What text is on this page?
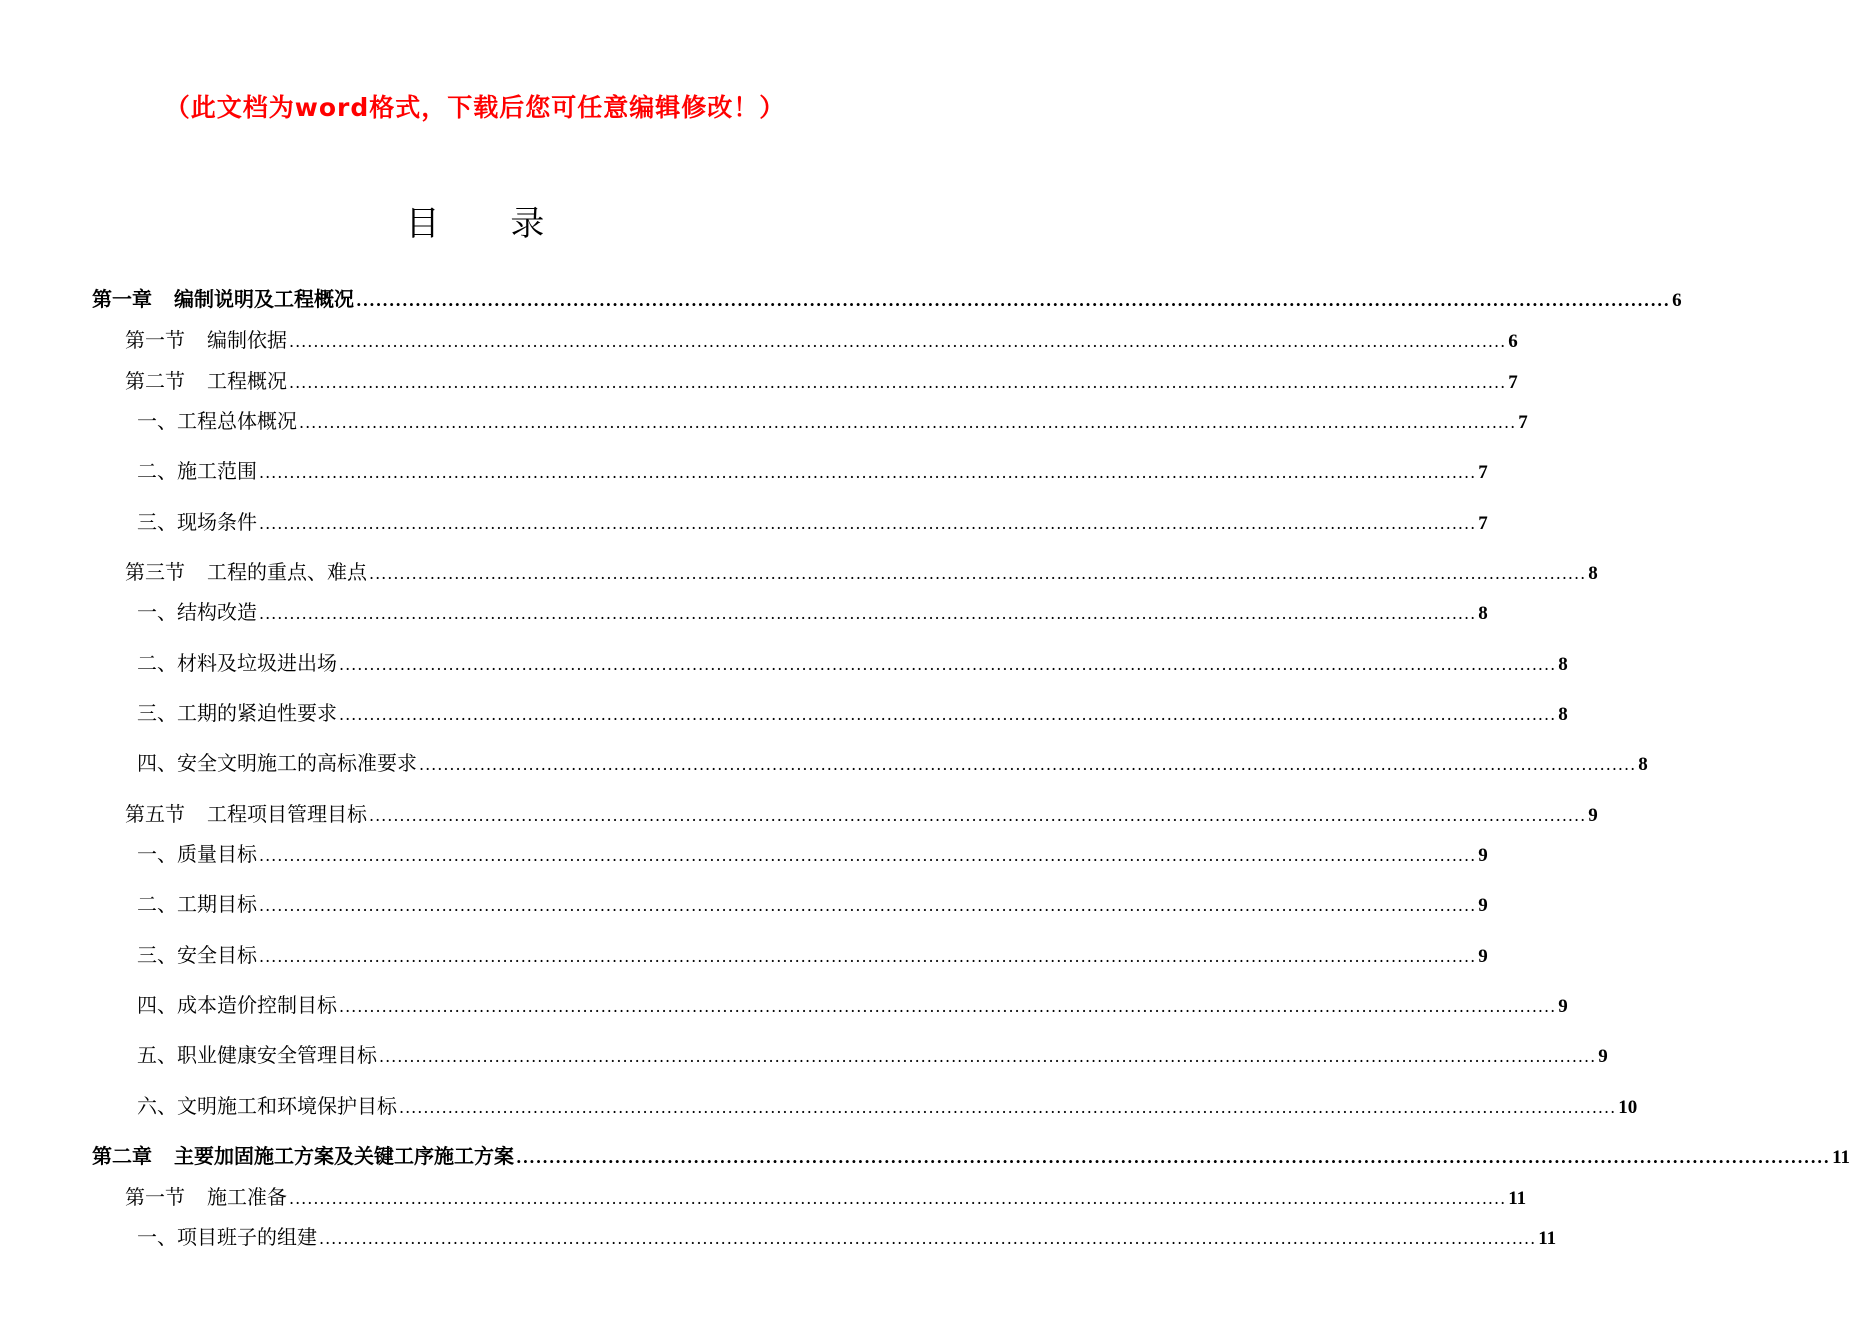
（此文档为word格式，下载后您可任意编辑修改！）
目 录
第一章 编制说明及工程概况 ........................................................................................................................................................................................................ 6
第一节 编制依据 ........................................................................................................................................................................................................ 6
第二节 工程概况 ........................................................................................................................................................................................................ 7
一、工程总体概况 ........................................................................................................................................................................................................ 7
二、施工范围 ........................................................................................................................................................................................................ 7
三、现场条件 ........................................................................................................................................................................................................ 7
第三节 工程的重点、难点 ........................................................................................................................................................................................................ 8
一、结构改造 ........................................................................................................................................................................................................ 8
二、材料及垃圾进出场 ........................................................................................................................................................................................................ 8
三、工期的紧迫性要求 ........................................................................................................................................................................................................ 8
四、安全文明施工的高标准要求 ........................................................................................................................................................................................................ 8
第五节 工程项目管理目标 ........................................................................................................................................................................................................ 9
一、质量目标 ........................................................................................................................................................................................................ 9
二、工期目标 ........................................................................................................................................................................................................ 9
三、安全目标 ........................................................................................................................................................................................................ 9
四、成本造价控制目标 ........................................................................................................................................................................................................ 9
五、职业健康安全管理目标 ........................................................................................................................................................................................................ 9
六、文明施工和环境保护目标 ........................................................................................................................................................................................................ 10
第二章 主要加固施工方案及关键工序施工方案 ........................................................................................................................................................................................................ 11
第一节 施工准备 ........................................................................................................................................................................................................ 11
一、项目班子的组建 ........................................................................................................................................................................................................ 11
